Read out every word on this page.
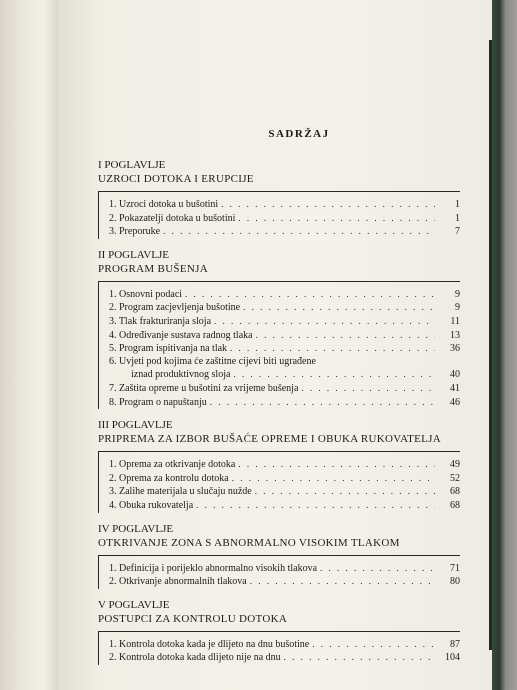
SADRŽAJ
I POGLAVLJE
UZROCI DOTOKA I ERUPCIJE
1. Uzroci dotoka u bušotini . . .	1
2. Pokazatelji dotoka u bušotini . . .	1
3. Preporuke . . .	7
II POGLAVLJE
PROGRAM BUŠENJA
1. Osnovni podaci . . .	9
2. Program zacjevljenja bušotine . . .	9
3. Tlak frakturiranja sloja . . .	11
4. Određivanje sustava radnog tlaka . . .	13
5. Program ispitivanja na tlak . . .	36
6. Uvjeti pod kojima će zaštitne cijevi biti ugrađene
iznad produktivnog sloja . . .	40
7. Zaštita opreme u bušotini za vrijeme bušenja . . .	41
8. Program o napuštanju . . .	46
III POGLAVLJE
PRIPREMA ZA IZBOR BUŠAĆE OPREME I OBUKA RUKOVATELJA
1. Oprema za otkrivanje dotoka . . .	49
2. Oprema za kontrolu dotoka . . .	52
3. Zalihe materijala u slučaju nužde . . .	68
4. Obuka rukovatelja . . .	68
IV POGLAVLJE
OTKRIVANJE ZONA S ABNORMALNO VISOKIM TLAKOM
1. Definicija i porijeklo abnormalno visokih tlakova . . .	71
2. Otkrivanje abnormalnih tlakova . . .	80
V POGLAVLJE
POSTUPCI ZA KONTROLU DOTOKA
1. Kontrola dotoka kada je dlijeto na dnu bušotine . . .	87
2. Kontrola dotoka kada dlijeto nije na dnu . . .	104
